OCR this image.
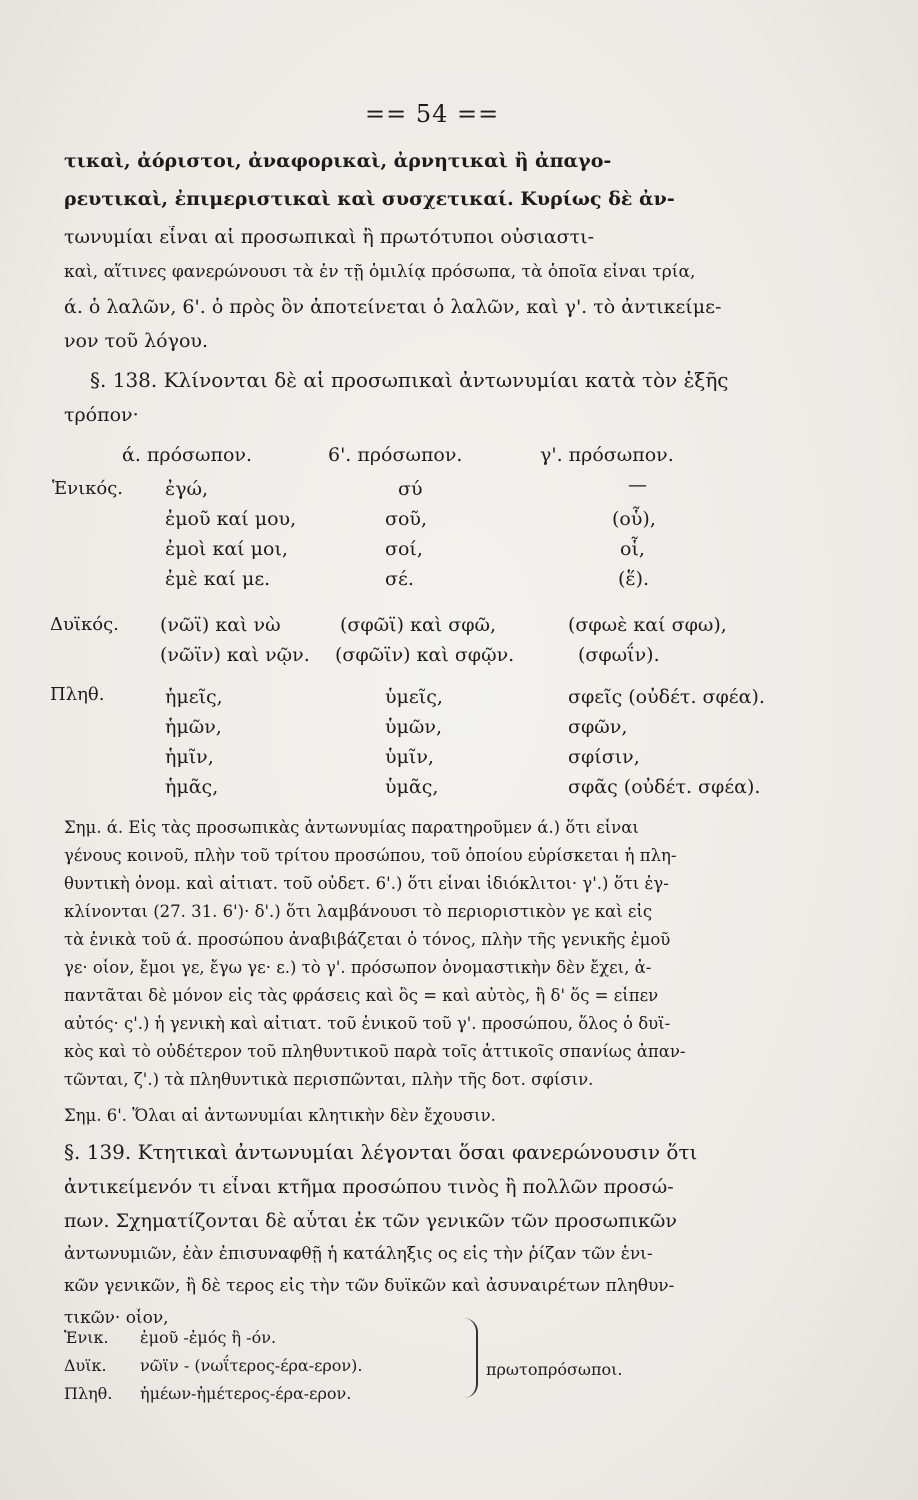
== 54 ==
τικαὶ, ἀόριστοι, ἀναφορικαὶ, ἀρνητικαὶ ἢ ἀπαγο-
ρευτικαὶ, ἐπιμεριστικαὶ καὶ συσχετικαί. Κυρίως δὲ ἀν-
τωνυμίαι εἶναι αἱ προσωπικαὶ ἢ πρωτότυποι οὐσιαστι-
καὶ, αἵτινες φανερώνουσι τὰ ἐν τῇ ὁμιλίᾳ πρόσωπα, τὰ ὁποῖα εἶναι τρία,
ά. ὁ λαλῶν, 6'. ὁ πρὸς ὃν ἀποτείνεται ὁ λαλῶν, καὶ γ'. τὸ ἀντικείμε-
νον τοῦ λόγου.
§. 138. Κλίνονται δὲ αἱ προσωπικαὶ ἀντωνυμίαι κατὰ τὸν ἑξῆς
τρόπον·
ά. πρόσωπον.	6'. πρόσωπον.	γ'. πρόσωπον.
Ἑνικός.
Δυϊκός.
Πληθ.
ἐγώ,
ἐμοῦ καί μου,
ἐμοὶ καί μοι,
ἐμὲ καί με.
(νῶϊ) καὶ νὼ
(νῶϊν) καὶ νῷν.
ἡμεῖς,
ἡμῶν,
ἡμῖν,
ἡμᾶς,
σύ
σοῦ,
σοί,
σέ.
(σφῶϊ) καὶ σφῶ,
(σφῶϊν) καὶ σφῷν.
ὑμεῖς,
ὑμῶν,
ὑμῖν,
ὑμᾶς,
—
(οὗ),
οἷ,
(ἕ).
(σφωὲ καί σφω),
(σφωΐν).
σφεῖς (οὐδέτ. σφέα).
σφῶν,
σφίσιν,
σφᾶς (οὐδέτ. σφέα).
Σημ. ά. Εἰς τὰς προσωπικὰς ἀντωνυμίας παρατηροῦμεν ά.) ὅτι εἶναι
γένους κοινοῦ, πλὴν τοῦ τρίτου προσώπου, τοῦ ὁποίου εὑρίσκεται ἡ πλη-
θυντικὴ ὀνομ. καὶ αἰτιατ. τοῦ οὐδετ. 6'.) ὅτι εἶναι ἰδιόκλιτοι· γ'.) ὅτι ἐγ-
κλίνονται (27. 31. 6')· δ'.) ὅτι λαμβάνουσι τὸ περιοριστικὸν γε καὶ εἰς
τὰ ἑνικὰ τοῦ ά. προσώπου ἀναβιβάζεται ὁ τόνος, πλὴν τῆς γενικῆς ἐμοῦ
γε· οἷον, ἔμοι γε, ἔγω γε· ε.) τὸ γ'. πρόσωπον ὀνομαστικὴν δὲν ἔχει, ἀ-
παντᾶται δὲ μόνον εἰς τὰς φράσεις καὶ ὃς = καὶ αὐτὸς, ἢ δ' ὅς = εἶπεν
αὐτός· ς'.) ἡ γενικὴ καὶ αἰτιατ. τοῦ ἑνικοῦ τοῦ γ'. προσώπου, ὅλος ὁ δυϊ-
κὸς καὶ τὸ οὐδέτερον τοῦ πληθυντικοῦ παρὰ τοῖς ἀττικοῖς σπανίως ἀπαν-
τῶνται, ζ'.) τὰ πληθυντικὰ περισπῶνται, πλὴν τῆς δοτ. σφίσιν.
Σημ. 6'. Ὅλαι αἱ ἀντωνυμίαι κλητικὴν δὲν ἔχουσιν.
§. 139. Κτητικαὶ ἀντωνυμίαι λέγονται ὅσαι φανερώνουσιν ὅτι
ἀντικείμενόν τι εἶναι κτῆμα προσώπου τινὸς ἢ πολλῶν προσώ-
πων. Σχηματίζονται δὲ αὗται ἐκ τῶν γενικῶν τῶν προσωπικῶν
ἀντωνυμιῶν, ἐὰν ἐπισυναφθῇ ἡ κατάληξις ος εἰς τὴν ῥίζαν τῶν ἑνι-
κῶν γενικῶν, ἢ δὲ τερος εἰς τὴν τῶν δυϊκῶν καὶ ἀσυναιρέτων πληθυν-
τικῶν· οἷον,
Ἑνικ. ἐμοῦ -ἐμός ἢ -όν.
Δυϊκ. νῶϊν - (νωΐτερος-έρα-ερον).
Πληθ. ἡμέων-ἡμέτερος-έρα-ερον.
πρωτοπρόσωποι.
